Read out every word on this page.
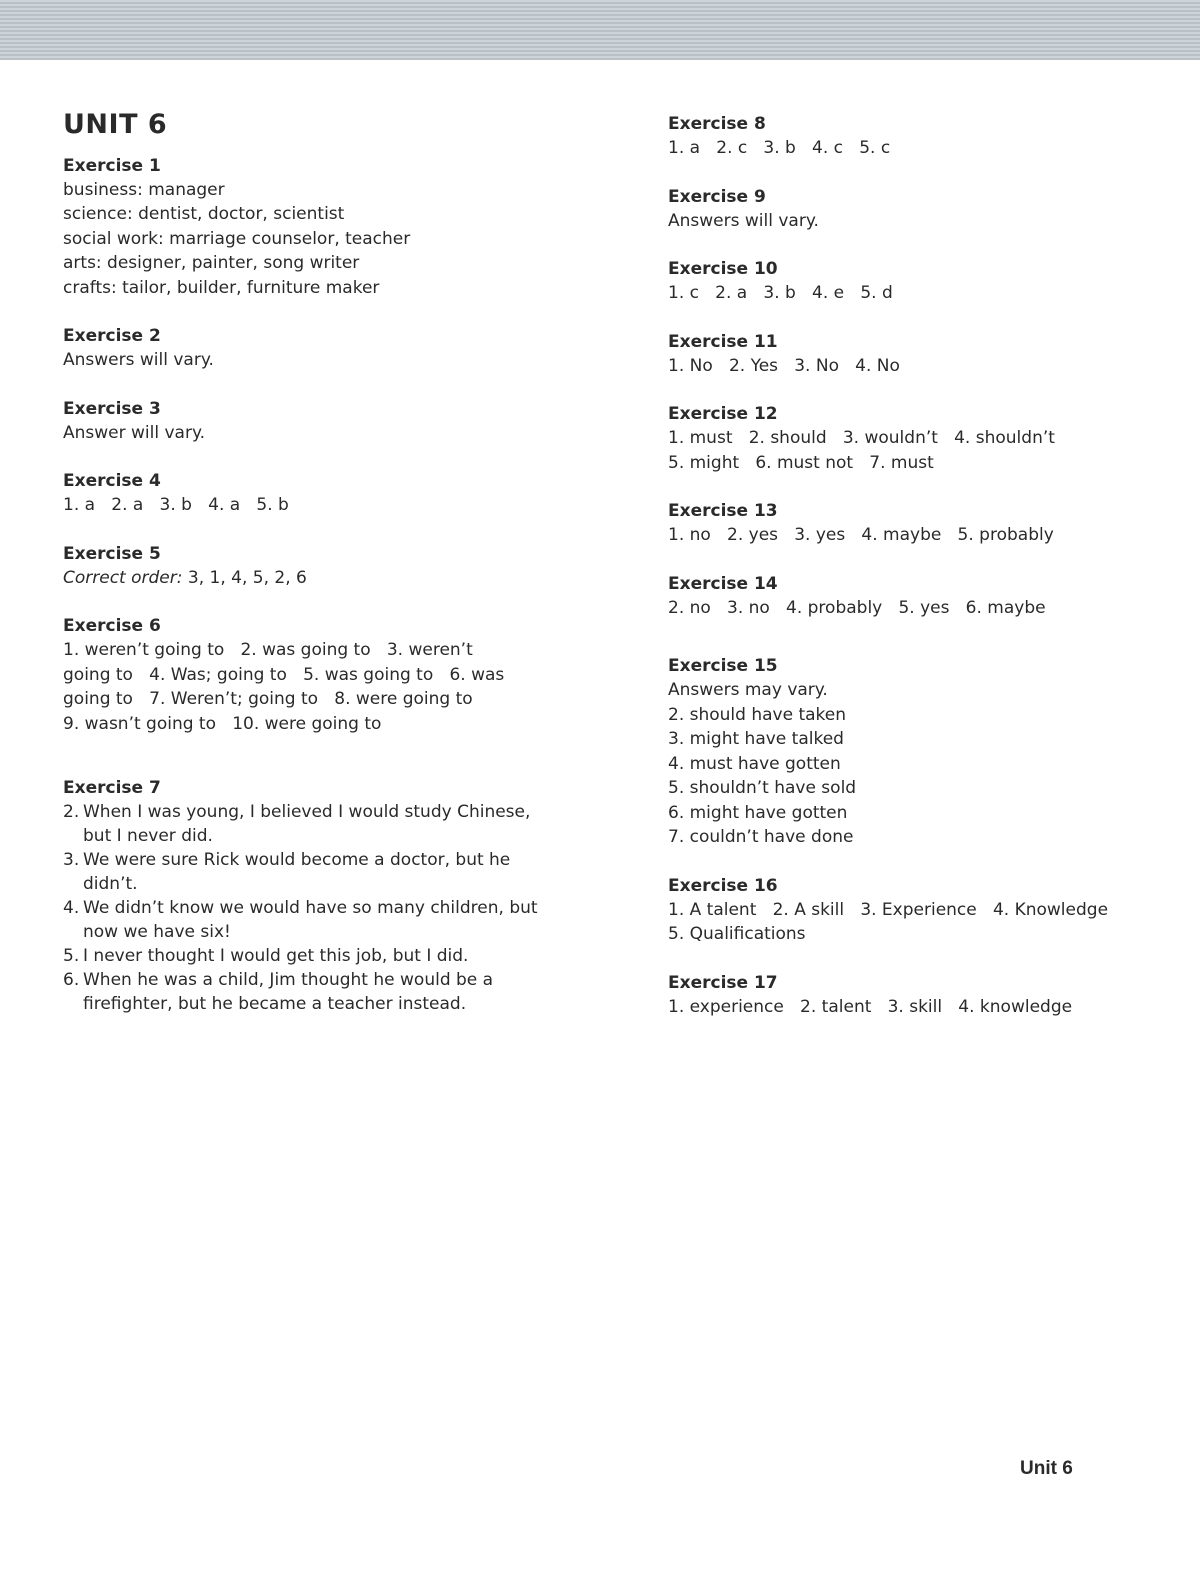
UNIT 6
Exercise 1
business: manager
science: dentist, doctor, scientist
social work: marriage counselor, teacher
arts: designer, painter, song writer
crafts: tailor, builder, furniture maker
Exercise 2
Answers will vary.
Exercise 3
Answer will vary.
Exercise 4
1. a   2. a   3. b   4. a   5. b
Exercise 5
Correct order: 3, 1, 4, 5, 2, 6
Exercise 6
1. weren’t going to   2. was going to   3. weren’t
going to   4. Was; going to   5. was going to   6. was
going to   7. Weren’t; going to   8. were going to
9. wasn’t going to   10. were going to
Exercise 7
2. When I was young, I believed I would study Chinese, but I never did.
3. We were sure Rick would become a doctor, but he didn’t.
4. We didn’t know we would have so many children, but now we have six!
5. I never thought I would get this job, but I did.
6. When he was a child, Jim thought he would be a firefighter, but he became a teacher instead.
Exercise 8
1. a   2. c   3. b   4. c   5. c
Exercise 9
Answers will vary.
Exercise 10
1. c   2. a   3. b   4. e   5. d
Exercise 11
1. No   2. Yes   3. No   4. No
Exercise 12
1. must   2. should   3. wouldn’t   4. shouldn’t
5. might   6. must not   7. must
Exercise 13
1. no   2. yes   3. yes   4. maybe   5. probably
Exercise 14
2. no   3. no   4. probably   5. yes   6. maybe
Exercise 15
Answers may vary.
2. should have taken
3. might have talked
4. must have gotten
5. shouldn’t have sold
6. might have gotten
7. couldn’t have done
Exercise 16
1. A talent   2. A skill   3. Experience   4. Knowledge
5. Qualifications
Exercise 17
1. experience   2. talent   3. skill   4. knowledge
Unit 6
